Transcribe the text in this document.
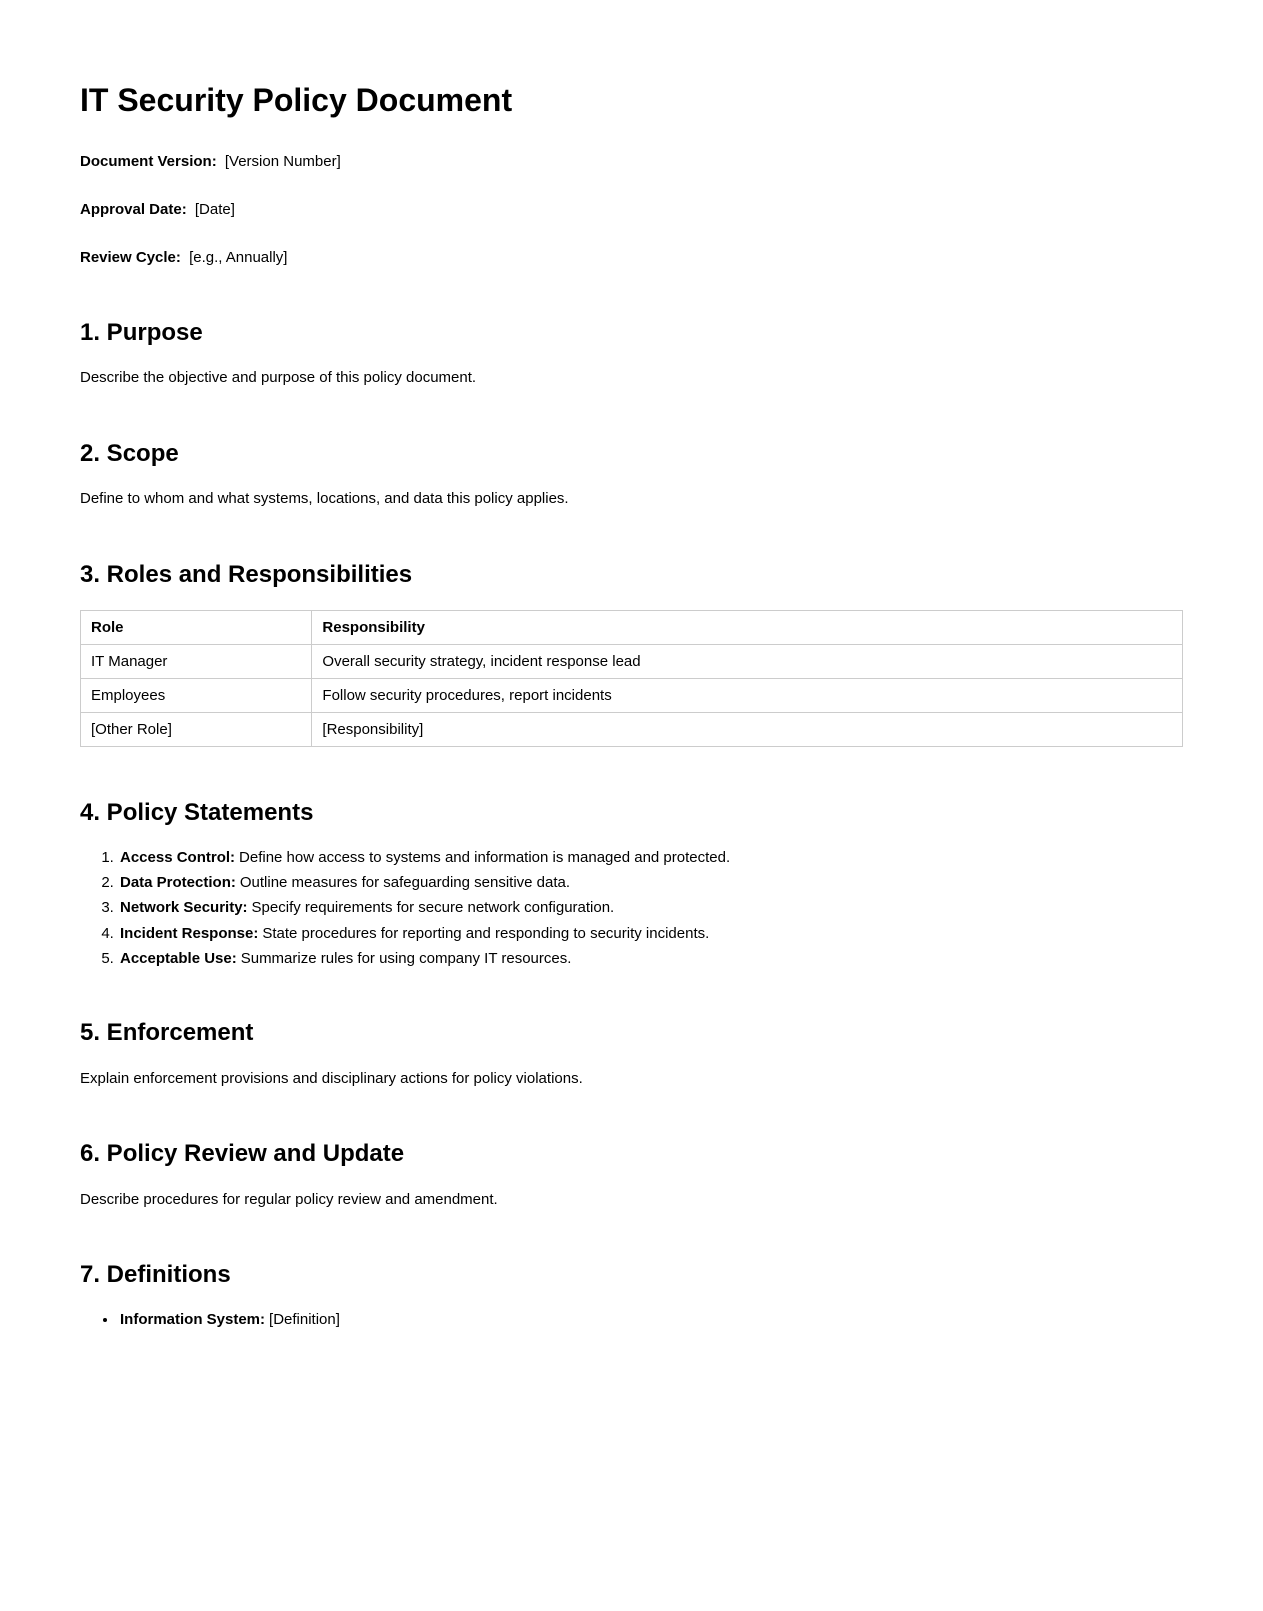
IT Security Policy Document

Document Version: [Version Number]

Approval Date: [Date]

Review Cycle: [e.g., Annually]

1. Purpose

Describe the objective and purpose of this policy document.

2. Scope

Define to whom and what systems, locations, and data this policy applies.

3. Roles and Responsibilities
Role	Responsibility
IT Manager	Overall security strategy, incident response lead
Employees	Follow security procedures, report incidents
[Other Role]	[Responsibility]
4. Policy Statements
1. Access Control: Define how access to systems and information is managed and protected.
2. Data Protection: Outline measures for safeguarding sensitive data.
3. Network Security: Specify requirements for secure network configuration.
4. Incident Response: State procedures for reporting and responding to security incidents.
5. Acceptable Use: Summarize rules for using company IT resources.
5. Enforcement

Explain enforcement provisions and disciplinary actions for policy violations.

6. Policy Review and Update

Describe procedures for regular policy review and amendment.

7. Definitions
• Information System: [Definition]
